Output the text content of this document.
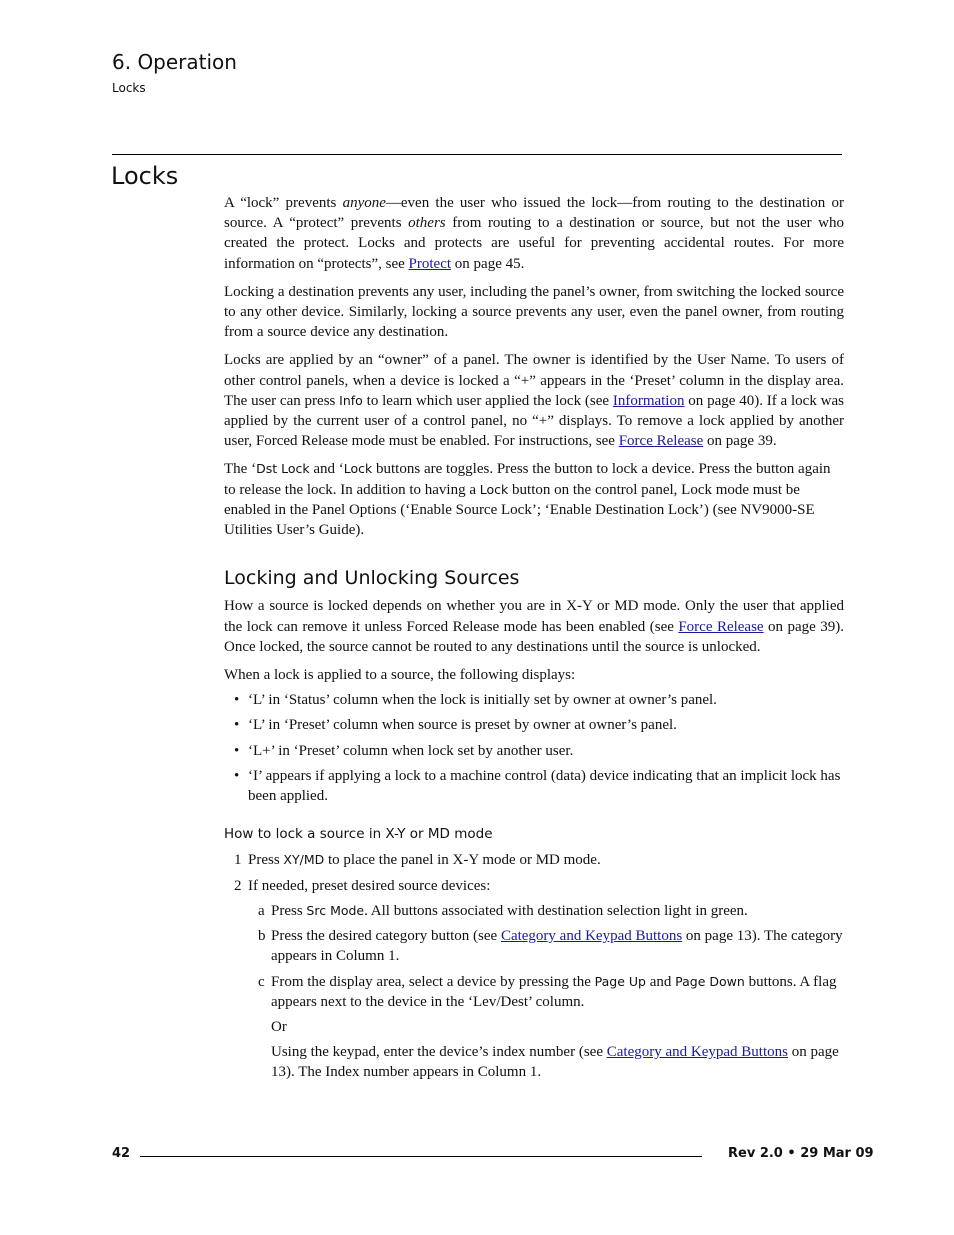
6. Operation
Locks
Locks

A “lock” prevents anyone—even the user who issued the lock—from routing to the destination or source. A “protect” prevents others from routing to a destination or source, but not the user who created the protect. Locks and protects are useful for preventing accidental routes. For more information on “protects”, see Protect on page 45.

Locking a destination prevents any user, including the panel’s owner, from switching the locked source to any other device. Similarly, locking a source prevents any user, even the panel owner, from routing from a source device any destination.

Locks are applied by an “owner” of a panel. The owner is identified by the User Name. To users of other control panels, when a device is locked a “+” appears in the ‘Preset’ column in the display area. The user can press Info to learn which user applied the lock (see Information on page 40). If a lock was applied by the current user of a control panel, no “+” displays. To remove a lock applied by another user, Forced Release mode must be enabled. For instructions, see Force Release on page 39.

The ‘Dst Lock and ‘Lock buttons are toggles. Press the button to lock a device. Press the button again to release the lock. In addition to having a Lock button on the control panel, Lock mode must be enabled in the Panel Options (‘Enable Source Lock’; ‘Enable Destination Lock’) (see NV9000-SE Utilities User’s Guide).

Locking and Unlocking Sources

How a source is locked depends on whether you are in X-Y or MD mode. Only the user that applied the lock can remove it unless Forced Release mode has been enabled (see Force Release on page 39). Once locked, the source cannot be routed to any destinations until the source is unlocked.

When a lock is applied to a source, the following displays:

• ‘L’ in ‘Status’ column when the lock is initially set by owner at owner’s panel.
• ‘L’ in ‘Preset’ column when source is preset by owner at owner’s panel.
• ‘L+’ in ‘Preset’ column when lock set by another user.
• ‘I’ appears if applying a lock to a machine control (data) device indicating that an implicit lock has been applied.
How to lock a source in X-Y or MD mode
1 Press XY/MD to place the panel in X-Y mode or MD mode.
2 If needed, preset desired source devices:
a Press Src Mode. All buttons associated with destination selection light in green.
b Press the desired category button (see Category and Keypad Buttons on page 13). The category appears in Column 1.
c From the display area, select a device by pressing the Page Up and Page Down buttons. A flag appears next to the device in the ‘Lev/Dest’ column.
Or
Using the keypad, enter the device’s index number (see Category and Keypad Buttons on page 13). The Index number appears in Column 1.
42	Rev 2.0 • 29 Mar 09
